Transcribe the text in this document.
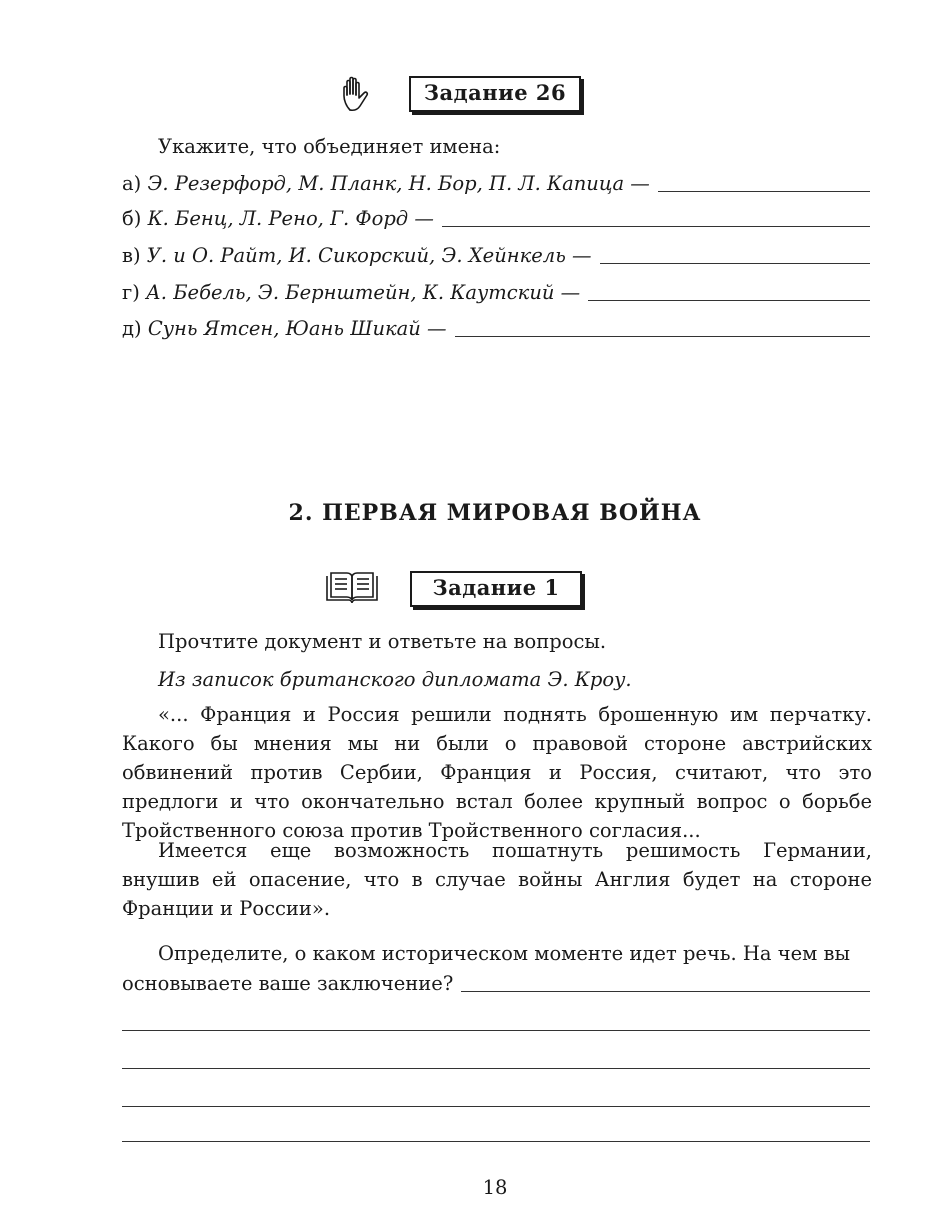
Задание 26
Укажите, что объединяет имена:
а) Э. Резерфорд, М. Планк, Н. Бор, П. Л. Капица —
б) К. Бенц, Л. Рено, Г. Форд —
в) У. и О. Райт, И. Сикорский, Э. Хейнкель —
г) А. Бебель, Э. Бернштейн, К. Каутский —
д) Сунь Ятсен, Юань Шикай —
2. ПЕРВАЯ МИРОВАЯ ВОЙНА
Задание 1
Прочтите документ и ответьте на вопросы.
Из записок британского дипломата Э. Кроу.
«... Франция и Россия решили поднять брошенную им перчатку. Какого бы мнения мы ни были о правовой стороне австрийских обвинений против Сербии, Франция и Россия, считают, что это предлоги и что окончательно встал более крупный вопрос о борьбе Тройственного союза против Тройственного согласия...
Имеется еще возможность пошатнуть решимость Германии, внушив ей опасение, что в случае войны Англия будет на стороне Франции и России».
Определите, о каком историческом моменте идет речь. На чем вы
основываете ваше заключение?
18
